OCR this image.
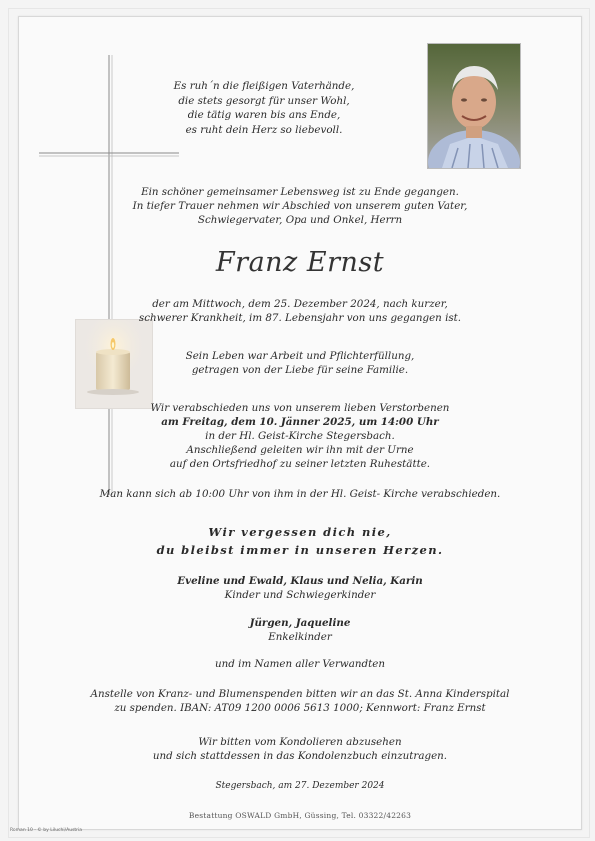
Es ruh´n die fleißigen Vaterhände,
die stets gesorgt für unser Wohl,
die tätig waren bis ans Ende,
es ruht dein Herz so liebevoll.
Ein schöner gemeinsamer Lebensweg ist zu Ende gegangen.
In tiefer Trauer nehmen wir Abschied von unserem guten Vater,
Schwiegervater, Opa und Onkel, Herrn
Franz Ernst
der am Mittwoch, dem 25. Dezember 2024, nach kurzer,
schwerer Krankheit, im 87. Lebensjahr von uns gegangen ist.
Sein Leben war Arbeit und Pflichterfüllung,
getragen von der Liebe für seine Familie.
Wir verabschieden uns von unserem lieben Verstorbenen
am Freitag, dem 10. Jänner 2025, um 14:00 Uhr
in der Hl. Geist-Kirche Stegersbach.
Anschließend geleiten wir ihn mit der Urne
auf den Ortsfriedhof zu seiner letzten Ruhestätte.
Man kann sich ab 10:00 Uhr von ihm in der Hl. Geist- Kirche verabschieden.
Wir vergessen dich nie,
du bleibst immer in unseren Herzen.
Eveline und Ewald, Klaus und Nelia, Karin
Kinder und Schwiegerkinder
Jürgen, Jaqueline
Enkelkinder
und im Namen aller Verwandten
Anstelle von Kranz- und Blumenspenden bitten wir an das St. Anna Kinderspital
zu spenden. IBAN: AT09 1200 0006 5613 1000; Kennwort: Franz Ernst
Wir bitten vom Kondolieren abzusehen
und sich stattdessen in das Kondolenzbuch einzutragen.
Stegersbach, am 27. Dezember 2024
Bestattung OSWALD GmbH, Güssing, Tel. 03322/42263
Roman 10 - © by Liluchi/Austria
